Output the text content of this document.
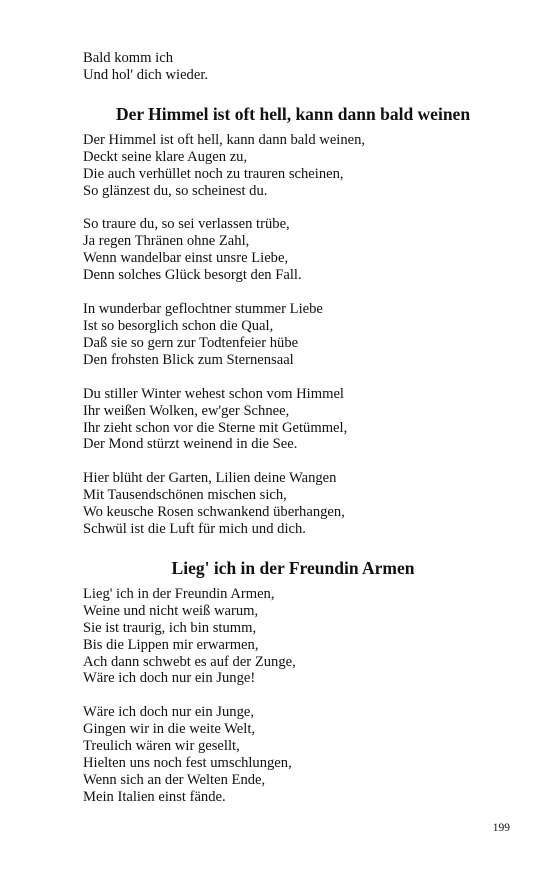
Bald komm ich
Und hol' dich wieder.
Der Himmel ist oft hell, kann dann bald weinen
Der Himmel ist oft hell, kann dann bald weinen,
Deckt seine klare Augen zu,
Die auch verhüllet noch zu trauren scheinen,
So glänzest du, so scheinest du.
So traure du, so sei verlassen trübe,
Ja regen Thränen ohne Zahl,
Wenn wandelbar einst unsre Liebe,
Denn solches Glück besorgt den Fall.
In wunderbar geflochtner stummer Liebe
Ist so besorglich schon die Qual,
Daß sie so gern zur Todtenfeier hübe
Den frohsten Blick zum Sternensaal
Du stiller Winter wehest schon vom Himmel
Ihr weißen Wolken, ew'ger Schnee,
Ihr zieht schon vor die Sterne mit Getümmel,
Der Mond stürzt weinend in die See.
Hier blüht der Garten, Lilien deine Wangen
Mit Tausendschönen mischen sich,
Wo keusche Rosen schwankend überhangen,
Schwül ist die Luft für mich und dich.
Lieg' ich in der Freundin Armen
Lieg' ich in der Freundin Armen,
Weine und nicht weiß warum,
Sie ist traurig, ich bin stumm,
Bis die Lippen mir erwarmen,
Ach dann schwebt es auf der Zunge,
Wäre ich doch nur ein Junge!
Wäre ich doch nur ein Junge,
Gingen wir in die weite Welt,
Treulich wären wir gesellt,
Hielten uns noch fest umschlungen,
Wenn sich an der Welten Ende,
Mein Italien einst fände.
199
